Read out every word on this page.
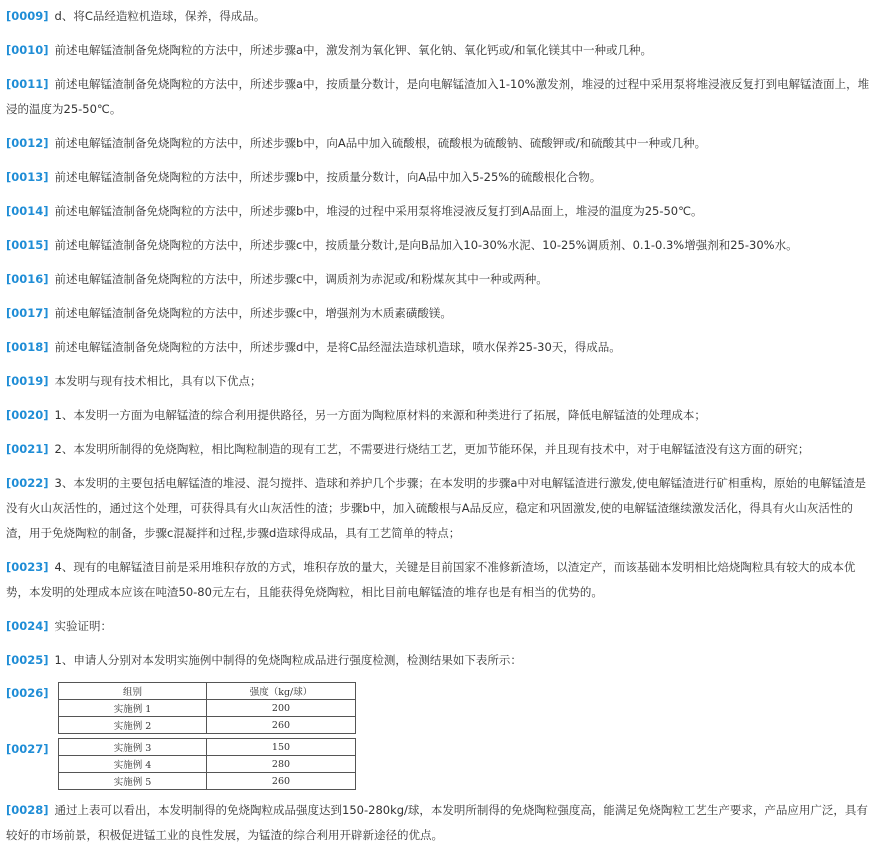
[0009] d、将C品经造粒机造球，保养，得成品。

[0010] 前述电解锰渣制备免烧陶粒的方法中，所述步骤a中，激发剂为氧化钾、氧化钠、氧化钙或/和氧化镁其中一种或几种。

[0011] 前述电解锰渣制备免烧陶粒的方法中，所述步骤a中，按质量分数计，是向电解锰渣加入1-10%激发剂，堆浸的过程中采用泵将堆浸液反复打到电解锰渣面上，堆浸的温度为25-50℃。

[0012] 前述电解锰渣制备免烧陶粒的方法中，所述步骤b中，向A品中加入硫酸根，硫酸根为硫酸钠、硫酸钾或/和硫酸其中一种或几种。

[0013] 前述电解锰渣制备免烧陶粒的方法中，所述步骤b中，按质量分数计，向A品中加入5-25%的硫酸根化合物。

[0014] 前述电解锰渣制备免烧陶粒的方法中，所述步骤b中，堆浸的过程中采用泵将堆浸液反复打到A品面上，堆浸的温度为25-50℃。

[0015] 前述电解锰渣制备免烧陶粒的方法中，所述步骤c中，按质量分数计,是向B品加入10-30%水泥、10-25%调质剂、0.1-0.3%增强剂和25-30%水。

[0016] 前述电解锰渣制备免烧陶粒的方法中，所述步骤c中，调质剂为赤泥或/和粉煤灰其中一种或两种。

[0017] 前述电解锰渣制备免烧陶粒的方法中，所述步骤c中，增强剂为木质素磺酸镁。

[0018] 前述电解锰渣制备免烧陶粒的方法中，所述步骤d中，是将C品经湿法造球机造球，喷水保养25-30天，得成品。

[0019] 本发明与现有技术相比，具有以下优点；

[0020] 1、本发明一方面为电解锰渣的综合利用提供路径，另一方面为陶粒原材料的来源和种类进行了拓展，降低电解锰渣的处理成本；

[0021] 2、本发明所制得的免烧陶粒，相比陶粒制造的现有工艺，不需要进行烧结工艺，更加节能环保，并且现有技术中，对于电解锰渣没有这方面的研究；

[0022] 3、本发明的主要包括电解锰渣的堆浸、混匀搅拌、造球和养护几个步骤；在本发明的步骤a中对电解锰渣进行激发,使电解锰渣进行矿相重构，原始的电解锰渣是没有火山灰活性的，通过这个处理，可获得具有火山灰活性的渣；步骤b中，加入硫酸根与A品反应，稳定和巩固激发,使的电解锰渣继续激发活化，得具有火山灰活性的渣，用于免烧陶粒的制备，步骤c混凝拌和过程,步骤d造球得成品，具有工艺简单的特点；

[0023] 4、现有的电解锰渣目前是采用堆积存放的方式，堆积存放的量大，关键是目前国家不准修新渣场，以渣定产，而该基础本发明相比焙烧陶粒具有较大的成本优势，本发明的处理成本应该在吨渣50-80元左右，且能获得免烧陶粒，相比目前电解锰渣的堆存也是有相当的优势的。

[0024] 实验证明：

[0025] 1、申请人分别对本发明实施例中制得的免烧陶粒成品进行强度检测，检测结果如下表所示：

[0026]	组别	强度（kg/球）
实施例 1	200
实施例 2	260
[0027]	实施例 3	150
实施例 4	280
实施例 5	260

[0028] 通过上表可以看出，本发明制得的免烧陶粒成品强度达到150-280kg/球，本发明所制得的免烧陶粒强度高，能满足免烧陶粒工艺生产要求，产品应用广泛，具有较好的市场前景，积极促进锰工业的良性发展，为锰渣的综合利用开辟新途径的优点。
